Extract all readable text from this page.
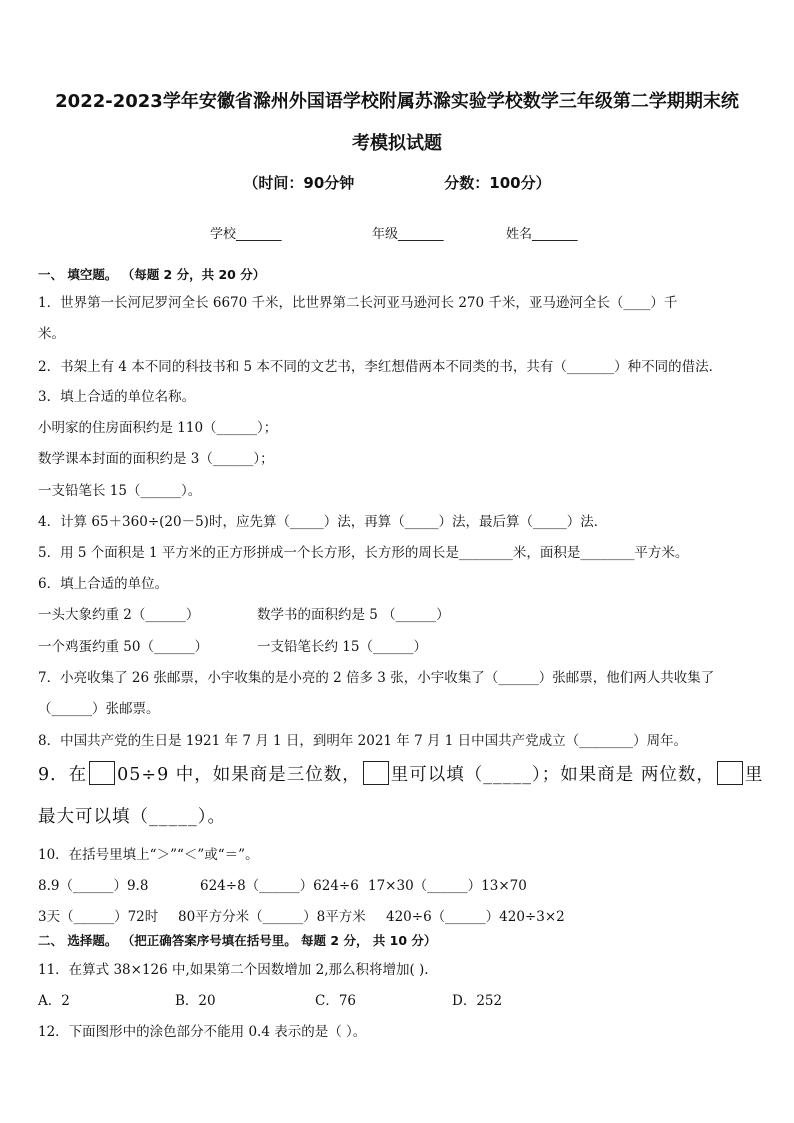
2022-2023学年安徽省滁州外国语学校附属苏滁实验学校数学三年级第二学期期末统
考模拟试题
（时间：90分钟	分数：100分）
学校_______	年级_______	姓名_______
一、 填空题。 （每题 2 分，共 20 分）
1．世界第一长河尼罗河全长 6670 千米，比世界第二长河亚马逊河长 270 千米，亚马逊河全长（____）千
米。
2．书架上有 4 本不同的科技书和 5 本不同的文艺书，李红想借两本不同类的书，共有（_______）种不同的借法．
3．填上合适的单位名称。
小明家的住房面积约是 110（______）；
数学课本封面的面积约是 3（______）；
一支铅笔长 15（______）。
4．计算 65＋360÷(20－5)时，应先算（_____）法，再算（_____）法，最后算（_____）法．
5．用 5 个面积是 1 平方米的正方形拼成一个长方形，长方形的周长是________米，面积是________平方米。
6．填上合适的单位。
一头大象约重 2（______）	数学书的面积约是 5 （______）
一个鸡蛋约重 50（______）	一支铅笔长约 15（______）
7．小亮收集了 26 张邮票，小宇收集的是小亮的 2 倍多 3 张，小宇收集了（______）张邮票，他们两人共收集了
（______）张邮票。
8．中国共产党的生日是 1921 年 7 月 1 日，到明年 2021 年 7 月 1 日中国共产党成立（________）周年。
9．在 05÷9 中，如果商是三位数， 里可以填（_____）；如果商是 两位数， 里
最大可以填（_____）。
10．在括号里填上“＞”“＜”或“＝”。
8.9（______）9.8	624÷8（______）624÷6 17×30（______）13×70
3天（______）72时 80平方分米（______）8平方米 420÷6（______）420÷3×2
二、 选择题。 （把正确答案序号填在括号里。 每题 2 分， 共 10 分）
11．在算式 38×126 中,如果第二个因数增加 2,那么积将增加( ).
A．2	B．20	C．76	D．252
12．下面图形中的涂色部分不能用 0.4 表示的是（ ）。
